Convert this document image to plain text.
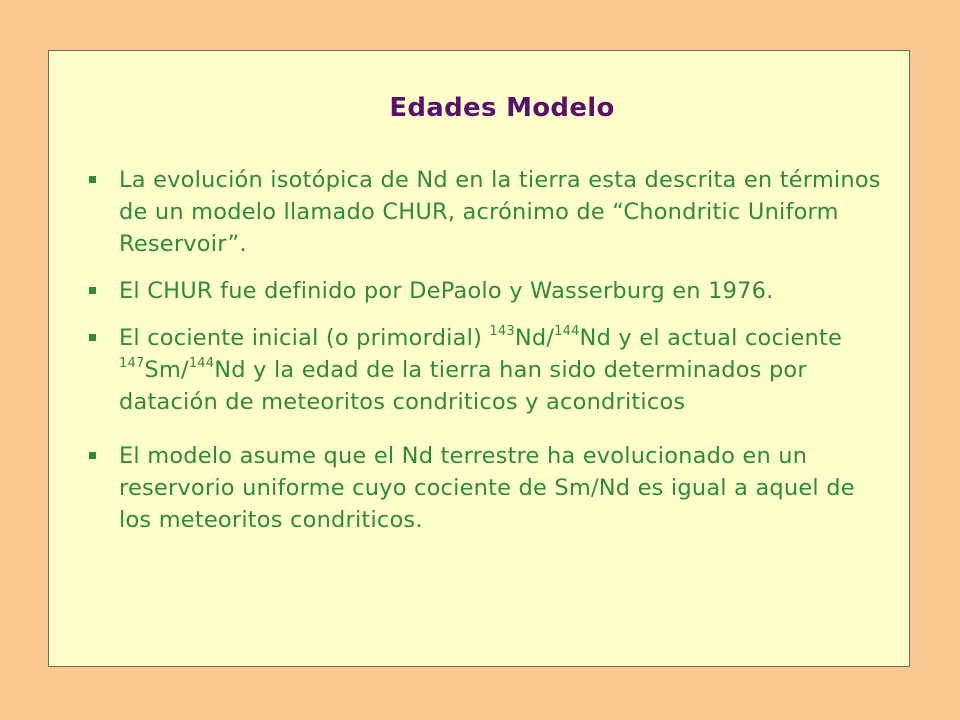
Edades Modelo
La evolución isotópica de Nd en la tierra esta descrita en términos de un modelo llamado CHUR, acrónimo de “Chondritic Uniform Reservoir”.
El CHUR fue definido por DePaolo y Wasserburg en 1976.
El cociente inicial (o primordial) $^{143}$Nd/$^{144}$Nd y el actual cociente $^{147}$Sm/$^{144}$Nd y la edad de la tierra han sido determinados por datación de meteoritos condriticos y acondriticos
El modelo asume que el Nd terrestre ha evolucionado en un reservorio uniforme cuyo cociente de Sm/Nd es igual a aquel de los meteoritos condriticos.
